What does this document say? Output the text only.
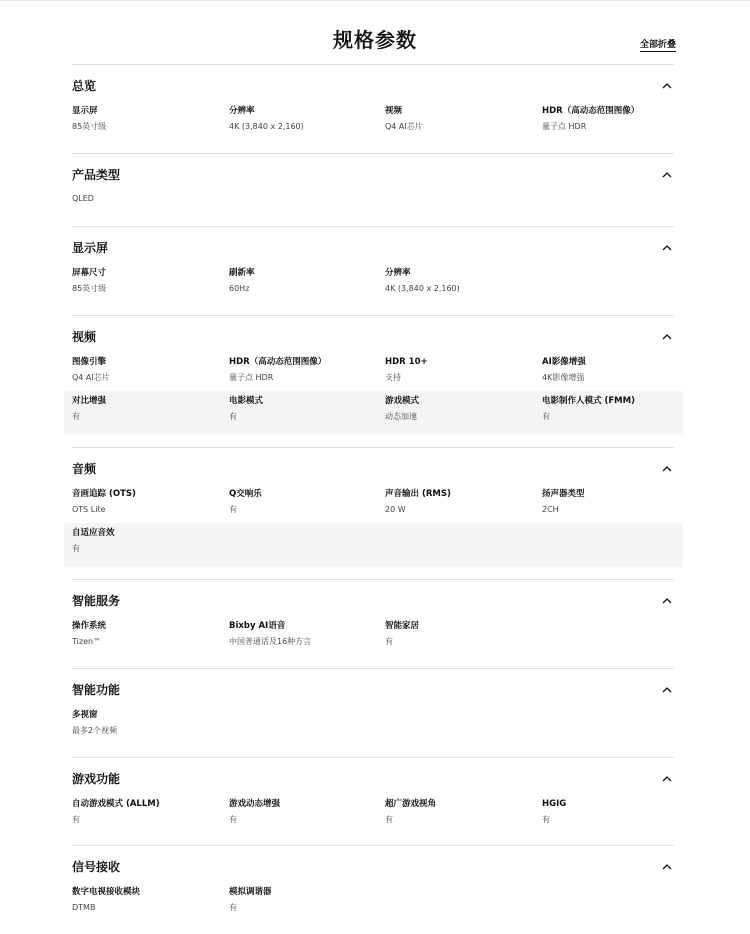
规格参数	全部折叠
总览
显示屏
85英寸级
分辨率
4K (3,840 x 2,160)
视频
Q4 AI芯片
HDR（高动态范围图像）
量子点 HDR
产品类型
QLED
显示屏
屏幕尺寸
85英寸级
刷新率
60Hz
分辨率
4K (3,840 x 2,160)
视频
图像引擎
Q4 AI芯片
HDR（高动态范围图像）
量子点 HDR
HDR 10+
支持
AI影像增强
4K影像增强
对比增强
有
电影模式
有
游戏模式
动态加速
电影制作人模式 (FMM)
有
音频
音画追踪 (OTS)
OTS Lite
Q交响乐
有
声音输出 (RMS)
20 W
扬声器类型
2CH
自适应音效
有
智能服务
操作系统
Tizen™
Bixby AI语音
中国普通话及16种方言
智能家居
有
智能功能
多视窗
最多2个视频
游戏功能
自动游戏模式 (ALLM)
有
游戏动态增强
有
超广游戏视角
有
HGIG
有
信号接收
数字电视接收模块
DTMB
模拟调谐器
有
